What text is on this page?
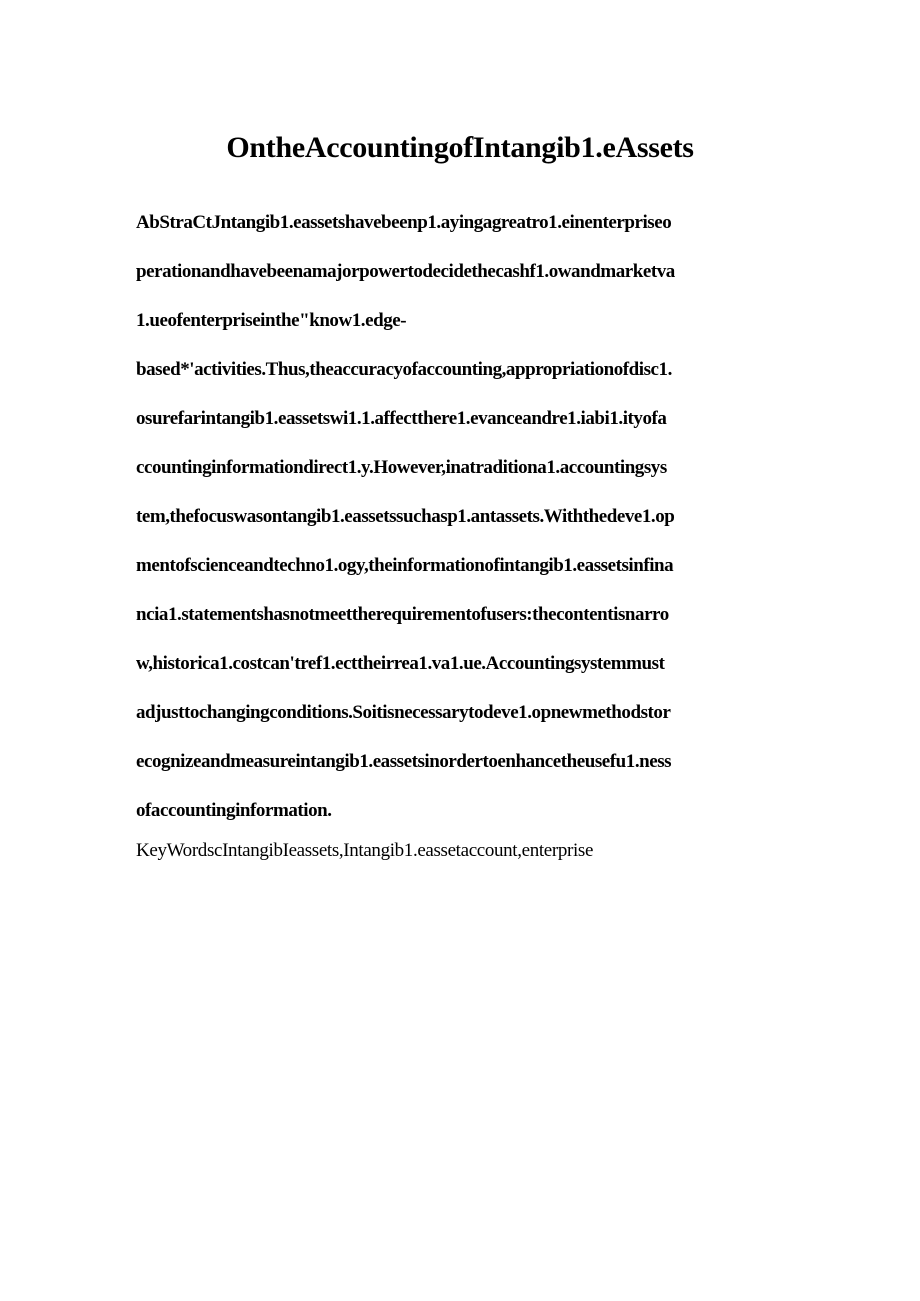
OntheAccountingofIntangib1.eAssets
AbStraCtJntangib1.eassetshavebeenp1.ayingagreatro1.einenterpriseo
perationandhavebeenamajorpowertodecidethecashf1.owandmarketva
1.ueofenterpriseinthe"know1.edge-
based*'activities.Thus,theaccuracyofaccounting,appropriationofdisc1.
osurefarintangib1.eassetswi1.1.affectthere1.evanceandre1.iabi1.ityofa
ccountinginformationdirect1.y.However,inatraditiona1.accountingsys
tem,thefocuswasontangib1.eassetssuchasp1.antassets.Withthedeve1.op
mentofscienceandtechno1.ogy,theinformationofintangib1.eassetsinfina
ncia1.statementshasnotmeettherequirementofusers:thecontentisnarro
w,historica1.costcan'tref1.ecttheirrea1.va1.ue.Accountingsystemmust
adjusttochangingconditions.Soitisnecessarytodeve1.opnewmethodstor
ecognizeandmeasureintangib1.eassetsinordertoenhancetheusefu1.ness
ofaccountinginformation.
KeyWordscIntangibIeassets,Intangib1.eassetaccount,enterprise
